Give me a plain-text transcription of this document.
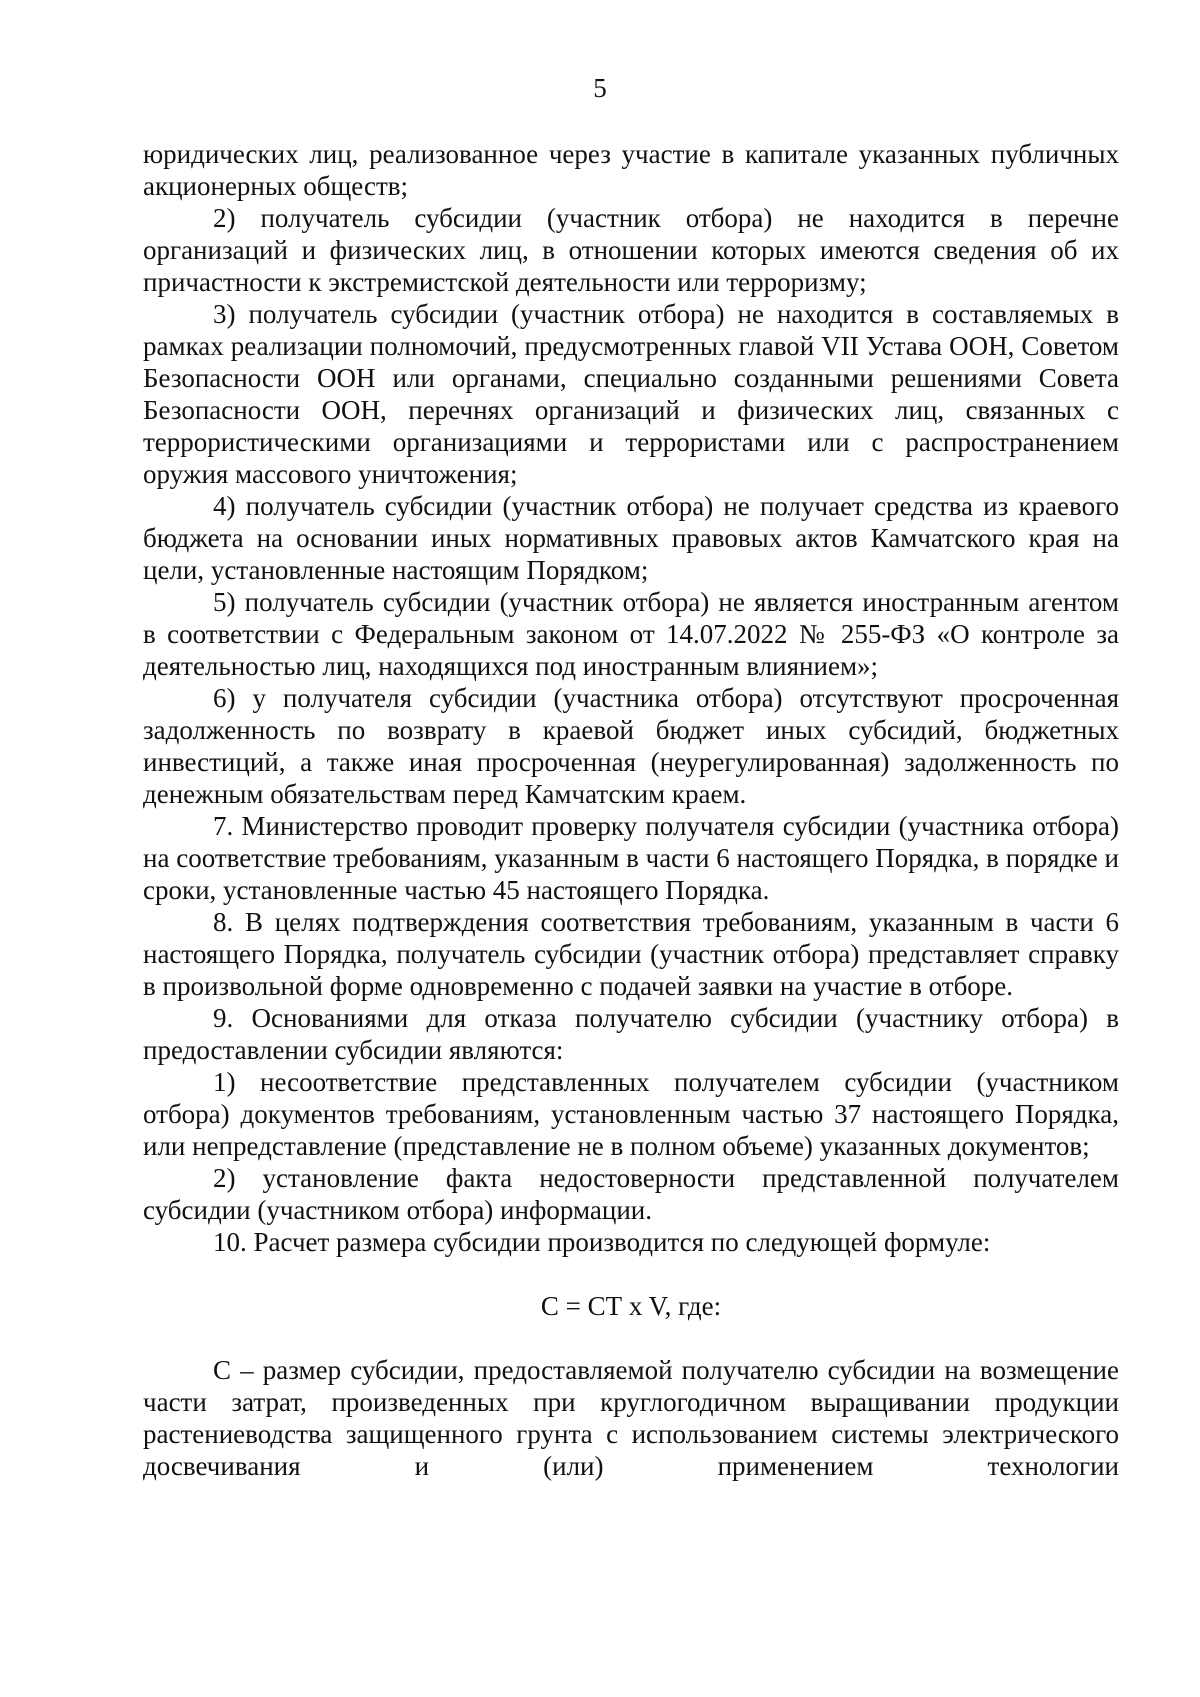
5

юридических лиц, реализованное через участие в капитале указанных публичных акционерных обществ;

2) получатель субсидии (участник отбора) не находится в перечне организаций и физических лиц, в отношении которых имеются сведения об их причастности к экстремистской деятельности или терроризму;

3) получатель субсидии (участник отбора) не находится в составляемых в рамках реализации полномочий, предусмотренных главой VII Устава ООН, Советом Безопасности ООН или органами, специально созданными решениями Совета Безопасности ООН, перечнях организаций и физических лиц, связанных с террористическими организациями и террористами или с распространением оружия массового уничтожения;

4) получатель субсидии (участник отбора) не получает средства из краевого бюджета на основании иных нормативных правовых актов Камчатского края на цели, установленные настоящим Порядком;

5) получатель субсидии (участник отбора) не является иностранным агентом в соответствии с Федеральным законом от 14.07.2022 № 255-ФЗ «О контроле за деятельностью лиц, находящихся под иностранным влиянием»;

6) у получателя субсидии (участника отбора) отсутствуют просроченная задолженность по возврату в краевой бюджет иных субсидий, бюджетных инвестиций, а также иная просроченная (неурегулированная) задолженность по денежным обязательствам перед Камчатским краем.

7. Министерство проводит проверку получателя субсидии (участника отбора) на соответствие требованиям, указанным в части 6 настоящего Порядка, в порядке и сроки, установленные частью 45 настоящего Порядка.

8. В целях подтверждения соответствия требованиям, указанным в части 6 настоящего Порядка, получатель субсидии (участник отбора) представляет справку в произвольной форме одновременно с подачей заявки на участие в отборе.

9. Основаниями для отказа получателю субсидии (участнику отбора) в предоставлении субсидии являются:

1) несоответствие представленных получателем субсидии (участником отбора) документов требованиям, установленным частью 37 настоящего Порядка, или непредставление (представление не в полном объеме) указанных документов;

2) установление факта недостоверности представленной получателем субсидии (участником отбора) информации.

10. Расчет размера субсидии производится по следующей формуле:

С = СТ x V, где:

С – размер субсидии, предоставляемой получателю субсидии на возмещение части затрат, произведенных при круглогодичном выращивании продукции растениеводства защищенного грунта с использованием системы электрического досвечивания и (или) применением технологии
